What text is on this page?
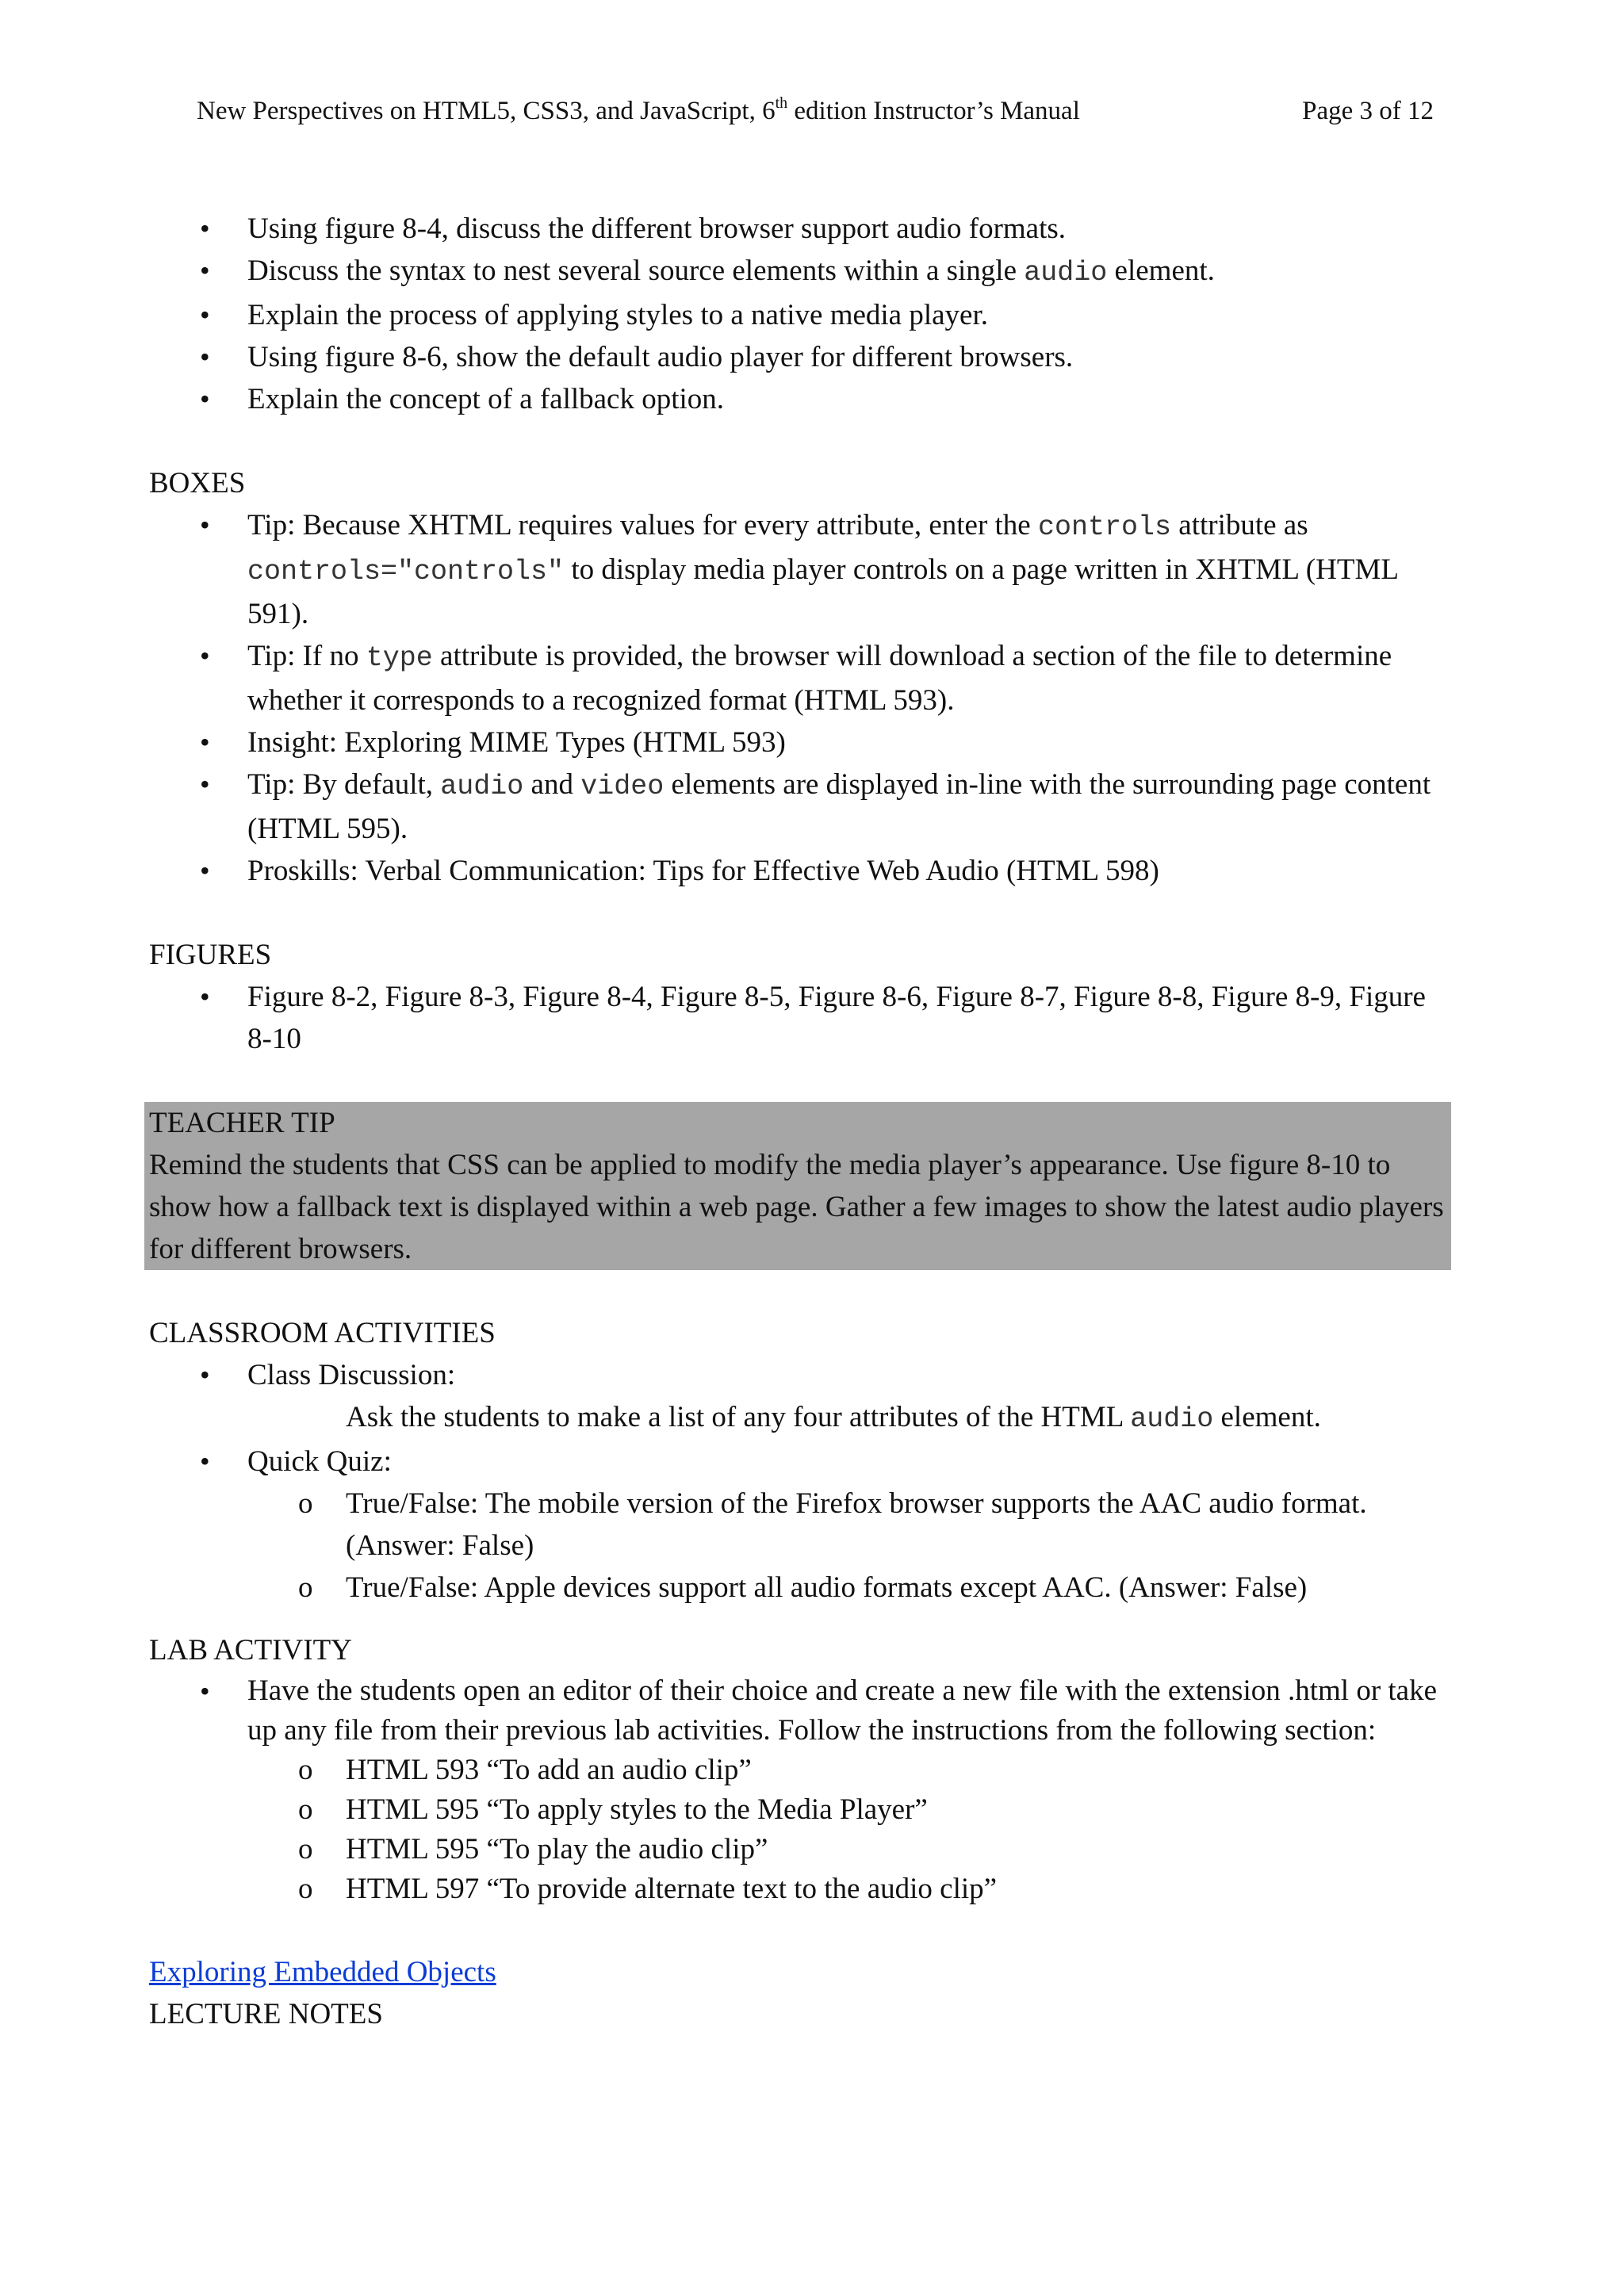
New Perspectives on HTML5, CSS3, and JavaScript, 6th edition Instructor’s Manual	Page 3 of 12
• Using figure 8-4, discuss the different browser support audio formats.
• Discuss the syntax to nest several source elements within a single audio element.
• Explain the process of applying styles to a native media player.
• Using figure 8-6, show the default audio player for different browsers.
• Explain the concept of a fallback option.
BOXES
• Tip: Because XHTML requires values for every attribute, enter the controls attribute as controls="controls" to display media player controls on a page written in XHTML (HTML 591).
• Tip: If no type attribute is provided, the browser will download a section of the file to determine whether it corresponds to a recognized format (HTML 593).
• Insight: Exploring MIME Types (HTML 593)
• Tip: By default, audio and video elements are displayed in-line with the surrounding page content (HTML 595).
• Proskills: Verbal Communication: Tips for Effective Web Audio (HTML 598)
FIGURES
• Figure 8-2, Figure 8-3, Figure 8-4, Figure 8-5, Figure 8-6, Figure 8-7, Figure 8-8, Figure 8-9, Figure 8-10
TEACHER TIP
Remind the students that CSS can be applied to modify the media player’s appearance. Use figure 8-10 to show how a fallback text is displayed within a web page. Gather a few images to show the latest audio players for different browsers.
CLASSROOM ACTIVITIES
• Class Discussion:
Ask the students to make a list of any four attributes of the HTML audio element.
• Quick Quiz:
o True/False: The mobile version of the Firefox browser supports the AAC audio format. (Answer: False)
o True/False: Apple devices support all audio formats except AAC. (Answer: False)
LAB ACTIVITY
• Have the students open an editor of their choice and create a new file with the extension .html or take up any file from their previous lab activities. Follow the instructions from the following section:
o HTML 593 “To add an audio clip”
o HTML 595 “To apply styles to the Media Player”
o HTML 595 “To play the audio clip”
o HTML 597 “To provide alternate text to the audio clip”
Exploring Embedded Objects
LECTURE NOTES
